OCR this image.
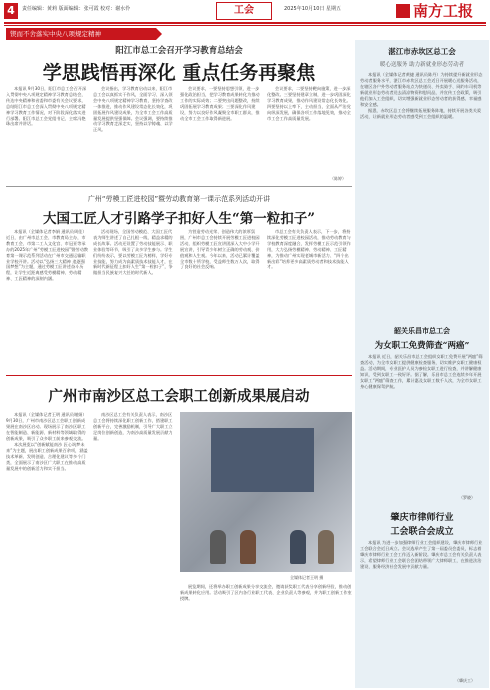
4	责任编辑：黄莉 版面编辑：张可霞 校对：谢水伶	工会	2025年10月10日 星期五	南方工报
锲而不舍落实中央八项规定精神
阳江市总工会召开学习教育总结会
学思践悟再深化 重点任务再聚焦

本报讯 9月30日，阳江市总工会召开深入贯彻中央八项规定精神学习教育总结会，传达中央精神和省委和市委有关会议要求，总结阳江市总工会深入贯彻中央八项规定精神学习教育工作情况，对下阶段深化落实进行部署。阳江市总工会党组书记、主席冯艳珠出席并讲话。

会议指出，学习教育启动以来，阳江市总工会以真抓实干作风，全面学习、深入领会中央八项规定精神学习教育，坚持学查改一体推进，推动作风建设常态化长效化，巩固拓展作风建设成果，为全市工会工作高质量发展提供坚强保障。会议强调，要持续推动学习教育走深走实，坚持以学铸魂、以学正风。

会议要求，一要坚持思想引领，进一步强化政治担当，把学习教育成果转化为推动工作的实际成效；二要突出问题整改，持续巩固拓展学习教育成果；三要深化作风建设，努力以良好作风凝聚全市职工群众，推动全市工会工作取得新进展。

会议要求，二要坚持靶向施策，进一步深化整改。三要坚持建章立制，进一步巩固深化学习教育成果，推动作风建设常态化长效化。四要坚持以上率下，主动担当，全面从严治党向纵深发展，确保各项工作落地见效，推动全市工会工作高质量发展。

（陈婷）
广州“劳模工匠进校园”暨劳动教育第一课示范系列活动开讲
大国工匠人才引路学子扣好人生“第一粒扣子”

本报讯（全媒体记者李娟 通讯员周佳）近日，由广州市总工会、市教育局主办，市教育工会、市第二工人文化宫、市冠亚等承办的2025年广州“劳模工匠进校园”暨劳动教育第一课示范系列活动在广州市交通运输职业学校开讲。活动以“弘扬三大精神 追逐强国梦想”为主题，通过劳模工匠讲述奋斗历程，让学生近距离感受劳模精神、劳动精神、工匠精神的深刻内涵。

活动现场，全国劳动模范、大国工匠代表为师生讲述了自己扎根一线、精益求精的成长故事。活动还设置了劳动技能展示、职业体验等环节，吸引了众多学生参与。学生们纷纷表示，要以劳模工匠为榜样，学好专业技能，努力成为高素质技术技能人才，在新时代新征程上扣好人生“第一粒扣子”，争做担当民族复兴大任的时代新人。

为营造劳动光荣、创造伟大的浓厚氛围，广州市总工会持续开展劳模工匠进校园活动，组织劳模工匠宣讲团深入大中小学开展宣讲，引导青少年树立正确的劳动观、价值观和人生观。今年以来，活动已累计覆盖全市数十所学校，受益师生数万人次，取得了良好的社会反响。

市总工会有关负责人表示，下一步，将持续深化劳模工匠进校园活动，推动劳动教育与学校教育深度融合，发挥劳模工匠示范引领作用，大力弘扬劳模精神、劳动精神、工匠精神，为推动广州实现老城市新活力、“四个出新出彩”培养更多高素质劳动者和技术技能人才。

广州市南沙区总工会职工创新成果展启动

本报讯（全媒体记者王明 通讯员谢娟）9月30日，广州市南沙区总工会职工创新成果展在南沙区启动。现场展示了南沙区职工在智能制造、新能源、新材料等领域取得的创新成果，吸引了众多职工前来参观交流。

本次展览以“创新赋能南沙 匠心筑梦未来”为主题，展出职工创新成果百余项，涵盖技术革新、发明创造、合理化建议等多个门类，全面展示了南沙区广大职工在推动高质量发展中的创新活力和实干担当。

南沙区总工会有关负责人表示，南沙区总工会将持续深化职工创新工作，搭建职工创新平台，完善激励机制，引导广大职工立足岗位创新创造，为南沙高质量发展贡献力量。

全媒体记者王明 摄

展览期间，还将举办职工创新成果分享交流会，邀请获奖职工代表分享创新经验，推动创新成果转化应用。活动吸引了区内各行业职工代表、企业负责人等参观，并为职工创新工作室授牌。

湛江市赤坎区总工会
暖心送服务 助力新就业形态劳动者

本报讯（全媒体记者黄捷 通讯员陈丹）为持续提升新就业形态劳动者服务水平，湛江市赤坎区总工会近日开展暖心送服务活动，在辖区各户外劳动者服务站点为快递员、外卖骑手、网约车司机等新就业形态劳动者送去清凉物资和慰问品，并宣传工会政策，吸引他们加入工会组织，切实增强新就业形态劳动者的获得感、幸福感和安全感。

据悉，赤坎区总工会将继续拓展服务阵地，持续开展各类关爱活动，让新就业形态劳动者感受到工会组织的温暖。

韶关乐昌市总工会
为女职工免费筛查“两癌”

本报讯 近日，韶关乐昌市总工会组织女职工免费开展“两癌”筛查活动，为全市女职工提供健康检查服务，切实维护女职工健康权益。活动期间，专业医护人员为参检女职工进行检查，并讲解健康知识，受到女职工一致好评。据了解，乐昌市总工会连续多年开展女职工“两癌”筛查工作，累计惠及女职工数千人次，为全市女职工身心健康保驾护航。

（罗晓）
肇庆市律师行业
工会联合会成立

本报讯 为进一步加强律师行业工会组织建设，肇庆市律师行业工会联合会近日成立。会议选举产生了第一届委员会委员，标志着肇庆市律师行业工会工作迈入新阶段。肇庆市总工会有关负责人表示，希望律师行业工会联合会团结带领广大律师职工，在推进法治建设、服务经济社会发展中贡献力量。

（肇庆工）
